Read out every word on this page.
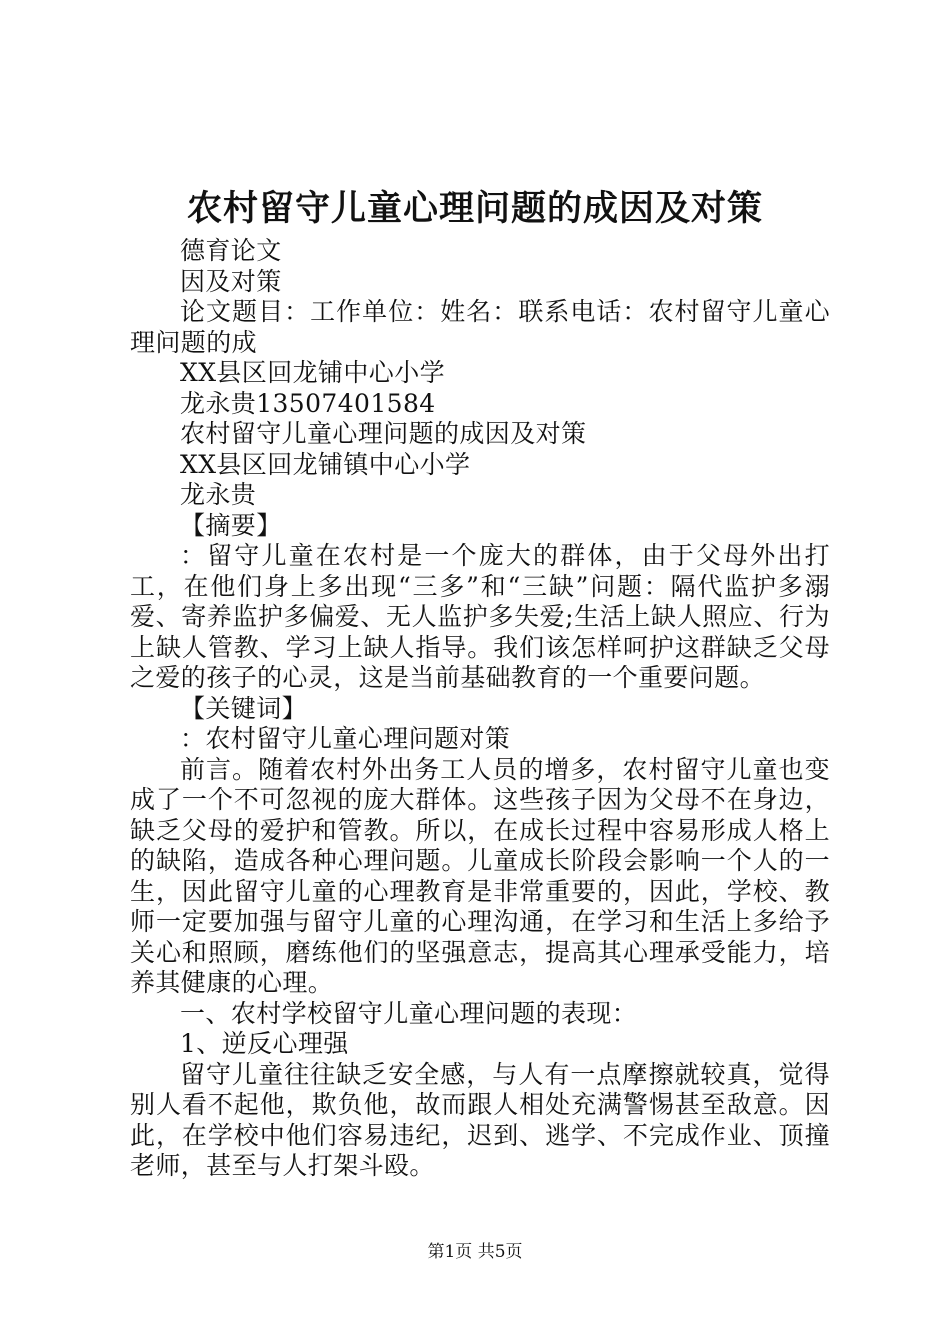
农村留守儿童心理问题的成因及对策

德育论文

因及对策

论文题目：工作单位：姓名：联系电话：农村留守儿童心理问题的成

XX县区回龙铺中心小学

龙永贵13507401584

农村留守儿童心理问题的成因及对策

XX县区回龙铺镇中心小学

龙永贵

【摘要】

：留守儿童在农村是一个庞大的群体，由于父母外出打工，在他们身上多出现“三多”和“三缺”问题：隔代监护多溺爱、寄养监护多偏爱、无人监护多失爱;生活上缺人照应、行为上缺人管教、学习上缺人指导。我们该怎样呵护这群缺乏父母之爱的孩子的心灵，这是当前基础教育的一个重要问题。

【关键词】

：农村留守儿童心理问题对策

前言。随着农村外出务工人员的增多，农村留守儿童也变成了一个不可忽视的庞大群体。这些孩子因为父母不在身边，缺乏父母的爱护和管教。所以，在成长过程中容易形成人格上的缺陷，造成各种心理问题。儿童成长阶段会影响一个人的一生，因此留守儿童的心理教育是非常重要的，因此，学校、教师一定要加强与留守儿童的心理沟通，在学习和生活上多给予关心和照顾，磨练他们的坚强意志，提高其心理承受能力，培养其健康的心理。

一、农村学校留守儿童心理问题的表现：

1、逆反心理强

留守儿童往往缺乏安全感，与人有一点摩擦就较真，觉得别人看不起他，欺负他，故而跟人相处充满警惕甚至敌意。因此，在学校中他们容易违纪，迟到、逃学、不完成作业、顶撞老师，甚至与人打架斗殴。

第1页 共5页
